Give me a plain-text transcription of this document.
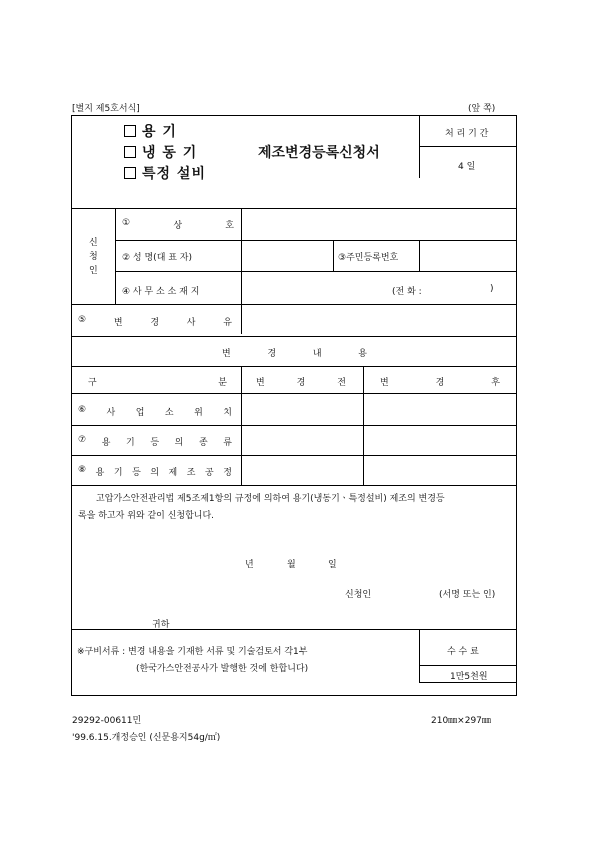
[별지 제5호서식]	(앞 쪽)
용 기
냉 동 기
특정 설비
제조변경등록신청서
처 리 기 간
4 일
신
청
인
①	상	호
② 성 명(대 표 자)	③주민등록번호
④ 사 무 소 소 재 지	(전 화 :	)
⑤	변	경	사	유
변	경	내	용
구	분	변	경	전	변	경	후
⑥ 사 업 소 위 치
⑦ 용 기 등 의 종 류
⑧ 용 기 등 의 제 조 공 정
고압가스안전관리법 제5조제1항의 규정에 의하여 용기(냉동기ㆍ특정설비) 제조의 변경등
록을 하고자 위와 같이 신청합니다.
년	월	일
신청인	(서명 또는 인)
귀하
※구비서류 : 변경 내용을 기재한 서류 및 기술검토서 각1부
(한국가스안전공사가 발행한 것에 한합니다)
수 수 료
1만5천원
29292-00611민	210㎜×297㎜
'99.6.15.개정승인 (신문용지54g/㎡)
